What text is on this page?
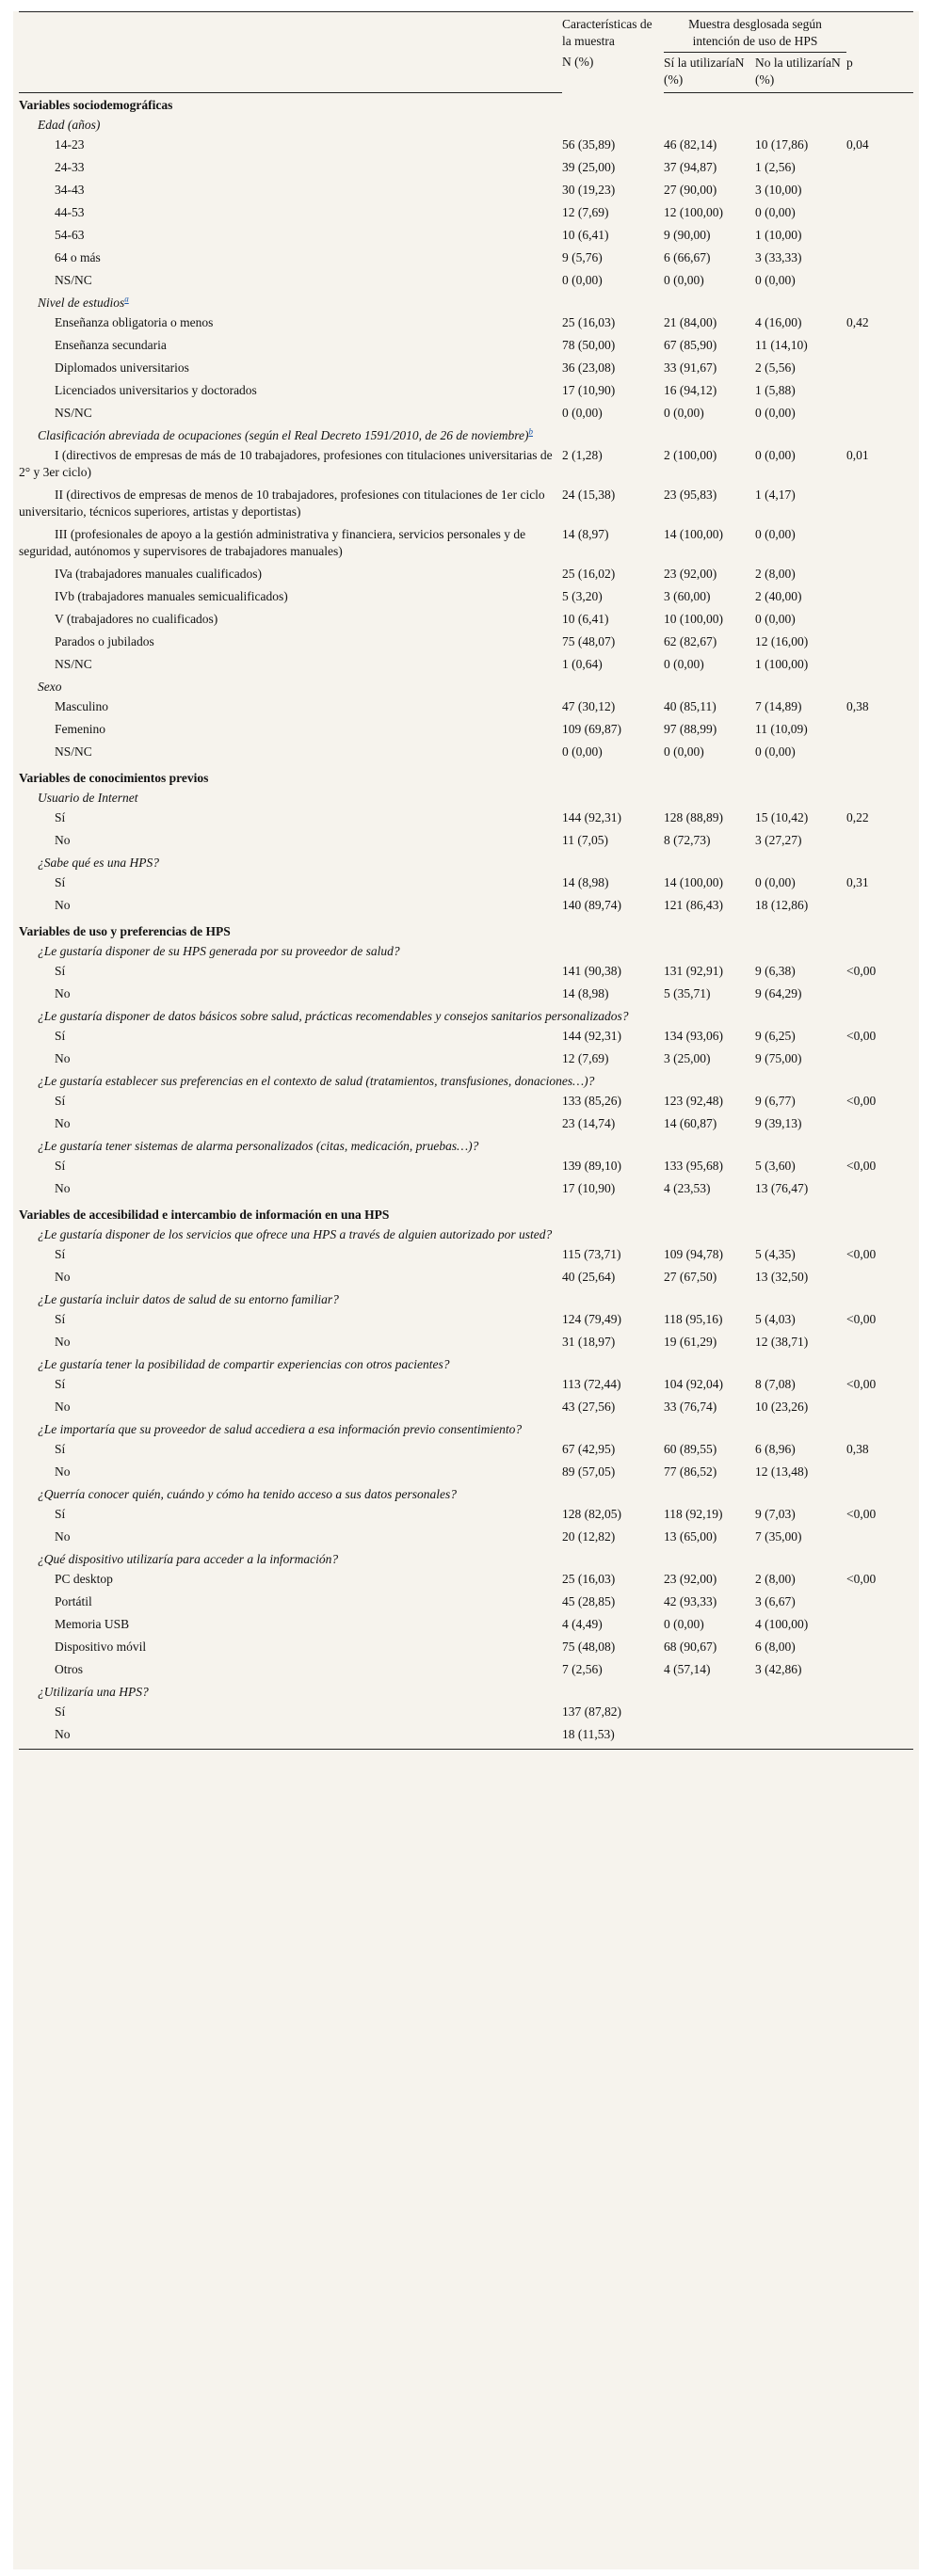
	Características de la muestra
N (%)	Muestra desglosada según intención de uso de HPS		
		Sí la utilizaríaN (%)	No la utilizaríaN (%)	p
Variables sociodemográficas				
Edad (años)				
14-23	56 (35,89)	46 (82,14)	10 (17,86)	0,04
24-33	39 (25,00)	37 (94,87)	1 (2,56)	
34-43	30 (19,23)	27 (90,00)	3 (10,00)	
44-53	12 (7,69)	12 (100,00)	0 (0,00)	
54-63	10 (6,41)	9 (90,00)	1 (10,00)	
64 o más	9 (5,76)	6 (66,67)	3 (33,33)	
NS/NC	0 (0,00)	0 (0,00)	0 (0,00)	
Nivel de estudios$^a$
Enseñanza obligatoria o menos	25 (16,03)	21 (84,00)	4 (16,00)	0,42
Enseñanza secundaria	78 (50,00)	67 (85,90)	11 (14,10)	
Diplomados universitarios	36 (23,08)	33 (91,67)	2 (5,56)	
Licenciados universitarios y doctorados	17 (10,90)	16 (94,12)	1 (5,88)	
NS/NC	0 (0,00)	0 (0,00)	0 (0,00)	
Clasificación abreviada de ocupaciones (según el Real Decreto 1591/2010, de 26 de noviembre)$^b$
I (directivos de empresas de más de 10 trabajadores, profesiones con titulaciones universitarias de 2° y 3er ciclo)	2 (1,28)	2 (100,00)	0 (0,00)	0,01
II (directivos de empresas de menos de 10 trabajadores, profesiones con titulaciones de 1er ciclo universitario, técnicos superiores, artistas y deportistas)	24 (15,38)	23 (95,83)	1 (4,17)	
III (profesionales de apoyo a la gestión administrativa y financiera, servicios personales y de seguridad, autónomos y supervisores de trabajadores manuales)	14 (8,97)	14 (100,00)	0 (0,00)	
IVa (trabajadores manuales cualificados)	25 (16,02)	23 (92,00)	2 (8,00)	
IVb (trabajadores manuales semicualificados)	5 (3,20)	3 (60,00)	2 (40,00)	
V (trabajadores no cualificados)	10 (6,41)	10 (100,00)	0 (0,00)	
Parados o jubilados	75 (48,07)	62 (82,67)	12 (16,00)	
NS/NC	1 (0,64)	0 (0,00)	1 (100,00)	
Sexo				
Masculino	47 (30,12)	40 (85,11)	7 (14,89)	0,38
Femenino	109 (69,87)	97 (88,99)	11 (10,09)	
NS/NC	0 (0,00)	0 (0,00)	0 (0,00)	
Variables de conocimientos previos				
Usuario de Internet				
Sí	144 (92,31)	128 (88,89)	15 (10,42)	0,22
No	11 (7,05)	8 (72,73)	3 (27,27)	
¿Sabe qué es una HPS?				
Sí	14 (8,98)	14 (100,00)	0 (0,00)	0,31
No	140 (89,74)	121 (86,43)	18 (12,86)	
Variables de uso y preferencias de HPS				
¿Le gustaría disponer de su HPS generada por su proveedor de salud?				
Sí	141 (90,38)	131 (92,91)	9 (6,38)	<0,00
No	14 (8,98)	5 (35,71)	9 (64,29)	
¿Le gustaría disponer de datos básicos sobre salud, prácticas recomendables y consejos sanitarios personalizados?				
Sí	144 (92,31)	134 (93,06)	9 (6,25)	<0,00
No	12 (7,69)	3 (25,00)	9 (75,00)	
¿Le gustaría establecer sus preferencias en el contexto de salud (tratamientos, transfusiones, donaciones…)?				
Sí	133 (85,26)	123 (92,48)	9 (6,77)	<0,00
No	23 (14,74)	14 (60,87)	9 (39,13)	
¿Le gustaría tener sistemas de alarma personalizados (citas, medicación, pruebas…)?				
Sí	139 (89,10)	133 (95,68)	5 (3,60)	<0,00
No	17 (10,90)	4 (23,53)	13 (76,47)	
Variables de accesibilidad e intercambio de información en una HPS				
¿Le gustaría disponer de los servicios que ofrece una HPS a través de alguien autorizado por usted?				
Sí	115 (73,71)	109 (94,78)	5 (4,35)	<0,00
No	40 (25,64)	27 (67,50)	13 (32,50)	
¿Le gustaría incluir datos de salud de su entorno familiar?				
Sí	124 (79,49)	118 (95,16)	5 (4,03)	<0,00
No	31 (18,97)	19 (61,29)	12 (38,71)	
¿Le gustaría tener la posibilidad de compartir experiencias con otros pacientes?				
Sí	113 (72,44)	104 (92,04)	8 (7,08)	<0,00
No	43 (27,56)	33 (76,74)	10 (23,26)	
¿Le importaría que su proveedor de salud accediera a esa información previo consentimiento?				
Sí	67 (42,95)	60 (89,55)	6 (8,96)	0,38
No	89 (57,05)	77 (86,52)	12 (13,48)	
¿Querría conocer quién, cuándo y cómo ha tenido acceso a sus datos personales?				
Sí	128 (82,05)	118 (92,19)	9 (7,03)	<0,00
No	20 (12,82)	13 (65,00)	7 (35,00)	
¿Qué dispositivo utilizaría para acceder a la información?				
PC desktop	25 (16,03)	23 (92,00)	2 (8,00)	<0,00
Portátil	45 (28,85)	42 (93,33)	3 (6,67)	
Memoria USB	4 (4,49)	0 (0,00)	4 (100,00)	
Dispositivo móvil	75 (48,08)	68 (90,67)	6 (8,00)	
Otros	7 (2,56)	4 (57,14)	3 (42,86)	
¿Utilizaría una HPS?				
Sí	137 (87,82)			
No	18 (11,53)			
